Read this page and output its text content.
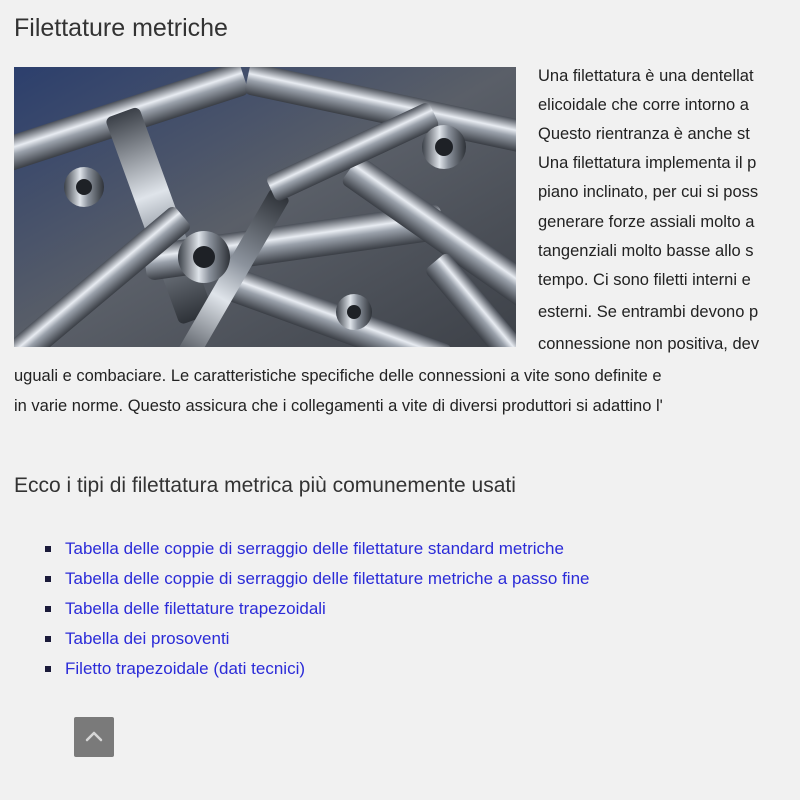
Filettature metriche
Una filettatura è una dentellat
elicoidale che corre intorno a
Questo rientranza è anche st
Una filettatura implementa il p
piano inclinato, per cui si poss
generare forze assiali molto a
tangenziali molto basse allo s
tempo. Ci sono filetti interni e
esterni. Se entrambi devono p
connessione non positiva, dev
uguali e combaciare. Le caratteristiche specifiche delle connessioni a vite sono definite e
in varie norme. Questo assicura che i collegamenti a vite di diversi produttori si adattino l'
Ecco i tipi di filettatura metrica più comunemente usati
Tabella delle coppie di serraggio delle filettature standard metriche
Tabella delle coppie di serraggio delle filettature metriche a passo fine
Tabella delle filettature trapezoidali
Tabella dei prosoventi
Filetto trapezoidale (dati tecnici)
